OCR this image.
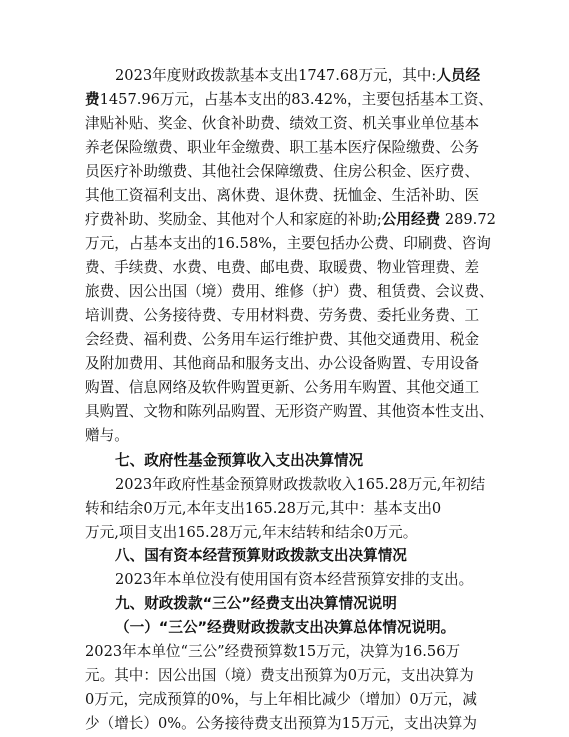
2023年度财政拨款基本支出1747.68万元，其中:人员经
费1457.96万元，占基本支出的83.42%，主要包括基本工资、
津贴补贴、奖金、伙食补助费、绩效工资、机关事业单位基本
养老保险缴费、职业年金缴费、职工基本医疗保险缴费、公务
员医疗补助缴费、其他社会保障缴费、住房公积金、医疗费、
其他工资福利支出、离休费、退休费、抚恤金、生活补助、医
疗费补助、奖励金、其他对个人和家庭的补助;公用经费 289.72
万元，占基本支出的16.58%，主要包括办公费、印刷费、咨询
费、手续费、水费、电费、邮电费、取暖费、物业管理费、差
旅费、因公出国（境）费用、维修（护）费、租赁费、会议费、
培训费、公务接待费、专用材料费、劳务费、委托业务费、工
会经费、福利费、公务用车运行维护费、其他交通费用、税金
及附加费用、其他商品和服务支出、办公设备购置、专用设备
购置、信息网络及软件购置更新、公务用车购置、其他交通工
具购置、文物和陈列品购置、无形资产购置、其他资本性支出、
赠与。
七、政府性基金预算收入支出决算情况
2023年政府性基金预算财政拨款收入165.28万元,年初结
转和结余0万元,本年支出165.28万元,其中：基本支出0
万元,项目支出165.28万元,年末结转和结余0万元。
八、国有资本经营预算财政拨款支出决算情况
2023年本单位没有使用国有资本经营预算安排的支出。
九、财政拨款“三公”经费支出决算情况说明
（一）“三公”经费财政拨款支出决算总体情况说明。
2023年本单位“三公”经费预算数15万元，决算为16.56万
元。其中：因公出国（境）费支出预算为0万元，支出决算为
0万元，完成预算的0%，与上年相比减少（增加）0万元，减
少（增长）0%。公务接待费支出预算为15万元，支出决算为
